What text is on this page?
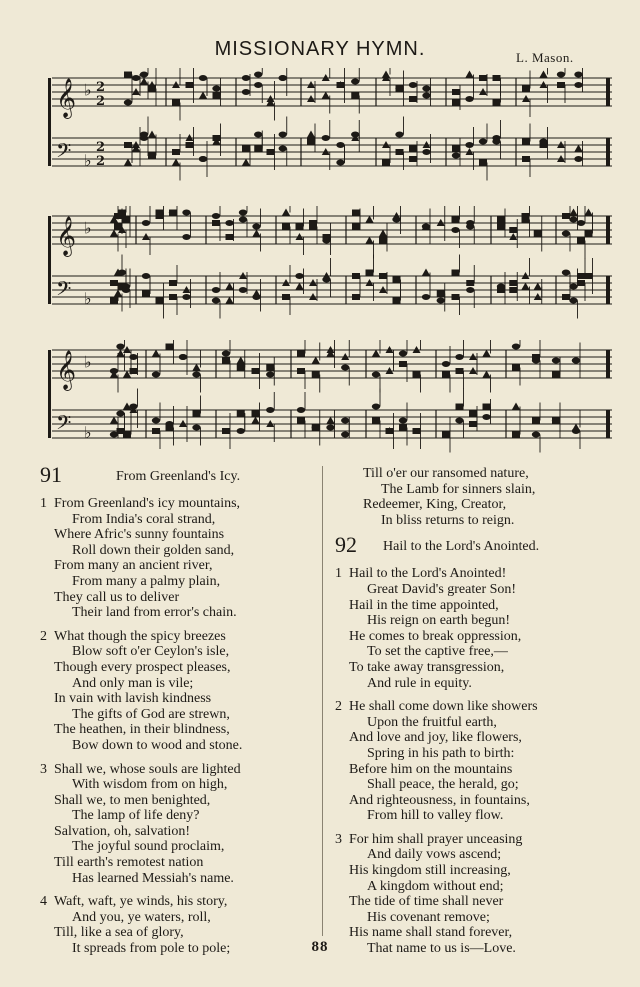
MISSIONARY HYMN.	L. Mason.
𝄞 ♭ 2
2
𝄢 ♭
2
2
𝄞 ♭
𝄢 ♭
𝄞 ♭
𝄢 ♭
91	From Greenland's Icy.
1 From Greenland's icy mountains,
From India's coral strand,
Where Afric's sunny fountains
Roll down their golden sand,
From many an ancient river,
From many a palmy plain,
They call us to deliver
Their land from error's chain.
2 What though the spicy breezes
Blow soft o'er Ceylon's isle,
Though every prospect pleases,
And only man is vile;
In vain with lavish kindness
The gifts of God are strewn,
The heathen, in their blindness,
Bow down to wood and stone.
3 Shall we, whose souls are lighted
With wisdom from on high,
Shall we, to men benighted,
The lamp of life deny?
Salvation, oh, salvation!
The joyful sound proclaim,
Till earth's remotest nation
Has learned Messiah's name.
4 Waft, waft, ye winds, his story,
And you, ye waters, roll,
Till, like a sea of glory,
It spreads from pole to pole;
Till o'er our ransomed nature,
The Lamb for sinners slain,
Redeemer, King, Creator,
In bliss returns to reign.
92 Hail to the Lord's Anointed.
1 Hail to the Lord's Anointed!
Great David's greater Son!
Hail in the time appointed,
His reign on earth begun!
He comes to break oppression,
To set the captive free,—
To take away transgression,
And rule in equity.
2 He shall come down like showers
Upon the fruitful earth,
And love and joy, like flowers,
Spring in his path to birth:
Before him on the mountains
Shall peace, the herald, go;
And righteousness, in fountains,
From hill to valley flow.
3 For him shall prayer unceasing
And daily vows ascend;
His kingdom still increasing,
A kingdom without end;
The tide of time shall never
His covenant remove;
His name shall stand forever,
That name to us is—Love.
88
